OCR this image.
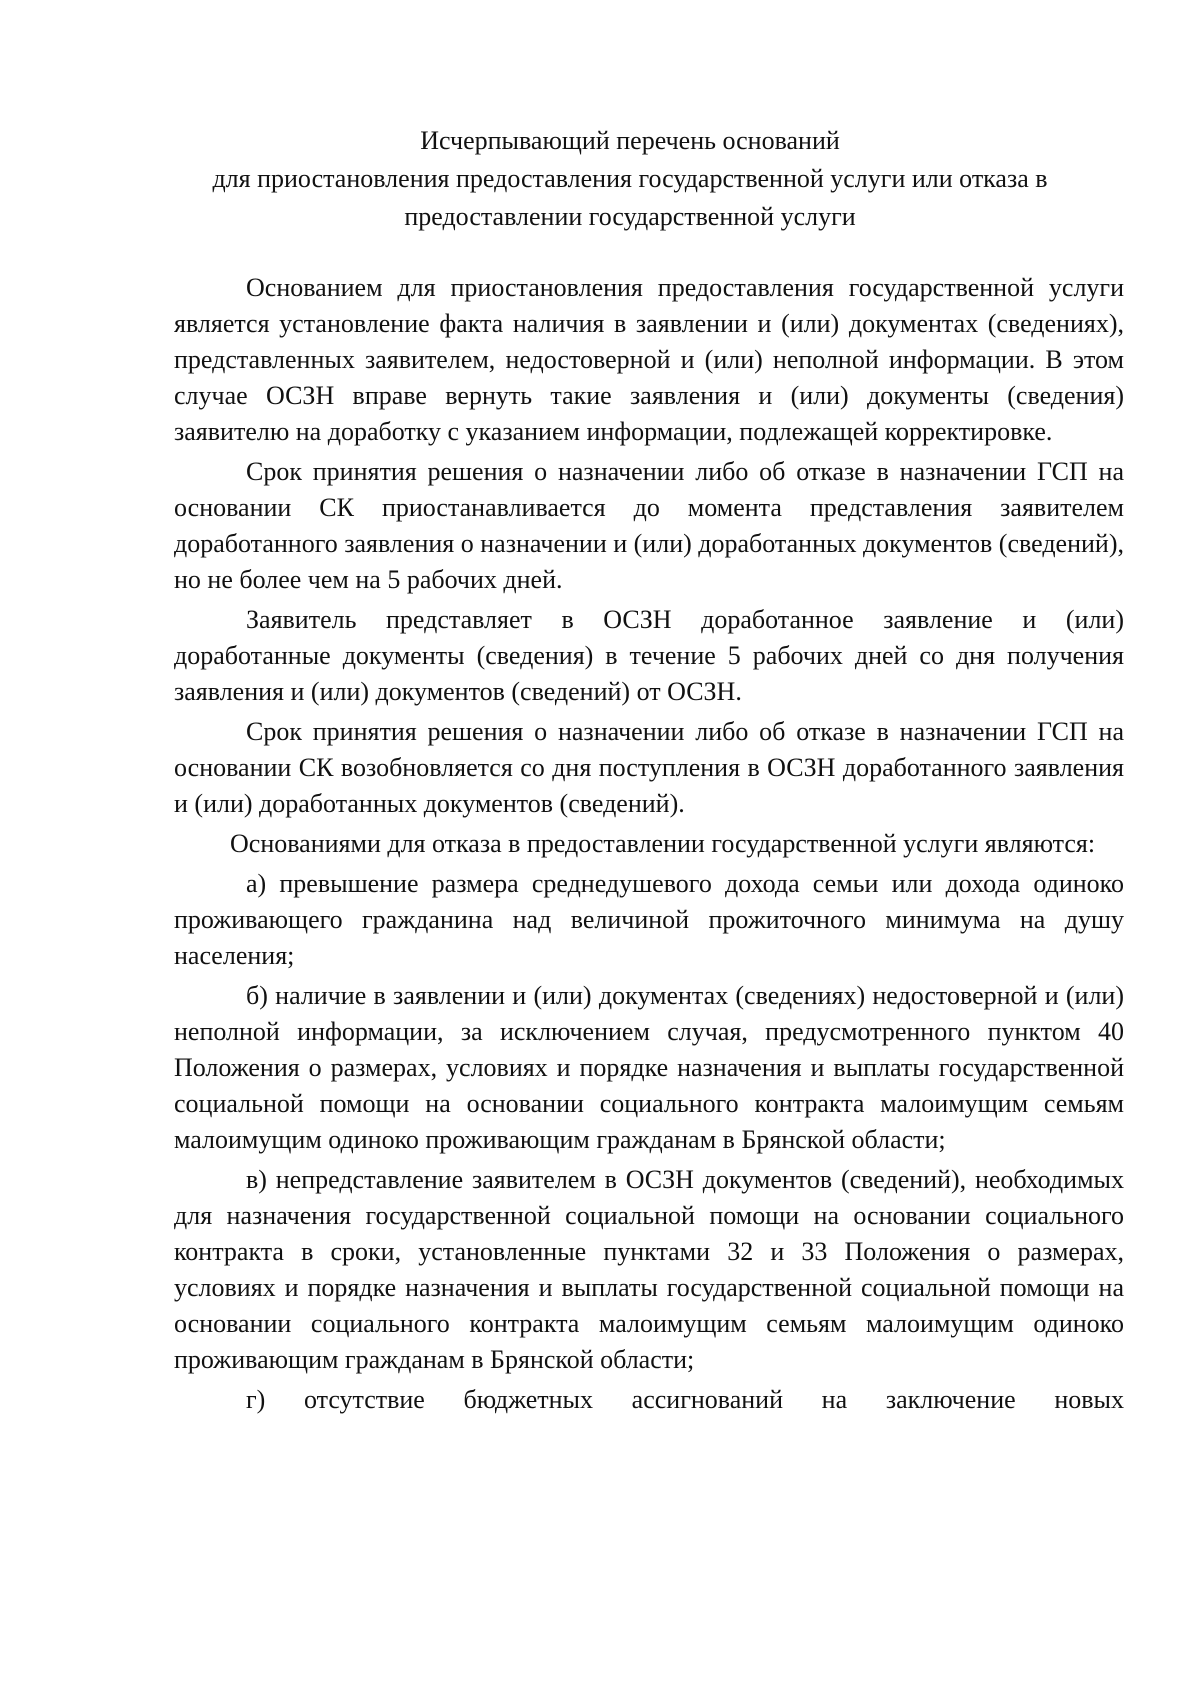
Исчерпывающий перечень оснований
для приостановления предоставления государственной услуги или отказа в
предоставлении государственной услуги

Основанием для приостановления предоставления государственной услуги является установление факта наличия в заявлении и (или) документах (сведениях), представленных заявителем, недостоверной и (или) неполной информации. В этом случае ОСЗН вправе вернуть такие заявления и (или) документы (сведения) заявителю на доработку с указанием информации, подлежащей корректировке.

Срок принятия решения о назначении либо об отказе в назначении ГСП на основании СК приостанавливается до момента представления заявителем доработанного заявления о назначении и (или) доработанных документов (сведений), но не более чем на 5 рабочих дней.

Заявитель представляет в ОСЗН доработанное заявление и (или) доработанные документы (сведения) в течение 5 рабочих дней со дня получения заявления и (или) документов (сведений) от ОСЗН.

Срок принятия решения о назначении либо об отказе в назначении ГСП на основании СК возобновляется со дня поступления в ОСЗН доработанного заявления и (или) доработанных документов (сведений).

Основаниями для отказа в предоставлении государственной услуги являются:

а) превышение размера среднедушевого дохода семьи или дохода одиноко проживающего гражданина над величиной прожиточного минимума на душу населения;

б) наличие в заявлении и (или) документах (сведениях) недостоверной и (или) неполной информации, за исключением случая, предусмотренного пунктом 40 Положения о размерах, условиях и порядке назначения и выплаты государственной социальной помощи на основании социального контракта малоимущим семьям малоимущим одиноко проживающим гражданам в Брянской области;

в) непредставление заявителем в ОСЗН документов (сведений), необходимых для назначения государственной социальной помощи на основании социального контракта в сроки, установленные пунктами 32 и 33 Положения о размерах, условиях и порядке назначения и выплаты государственной социальной помощи на основании социального контракта малоимущим семьям малоимущим одиноко проживающим гражданам в Брянской области;

г) отсутствие бюджетных ассигнований на заключение новых
